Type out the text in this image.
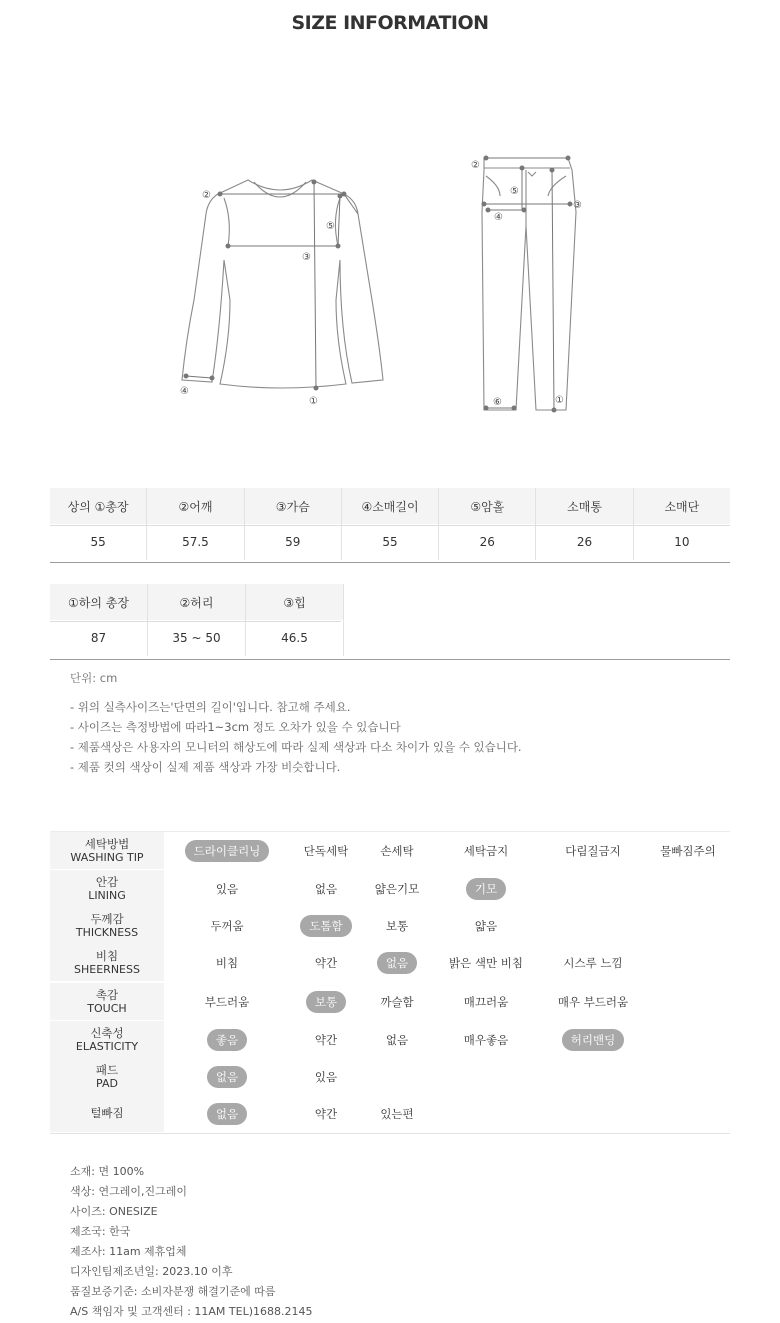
SIZE INFORMATION
②
⑤
③
④
①
②
⑤
③
④
⑥	①
상의 ①총장	②어깨	③가슴	④소매길이	⑤암홀	소매통	소매단
55	57.5	59	55	26	26	10
①하의 총장	②허리	③힙	
87	35 ~ 50	46.5	
단위: cm
- 위의 실측사이즈는'단면의 길이'입니다. 참고해 주세요.
- 사이즈는 측정방법에 따라1~3cm 정도 오차가 있을 수 있습니다
- 제품색상은 사용자의 모니터의 해상도에 따라 실제 색상과 다소 차이가 있을 수 있습니다.
- 제품 컷의 색상이 실제 제품 색상과 가장 비슷합니다.
세탁방법
WASHING TIP	드라이클리닝	단독세탁	손세탁	세탁금지	다림질금지	물빠짐주의
안감
LINING	있음	없음	얇은기모	기모
두께감
THICKNESS	두꺼움	도톰함	보통	얇음
비침
SHEERNESS	비침	약간	없음	밝은 색만 비침	시스루 느낌
촉감
TOUCH	부드러움	보통	까슬함	매끄러움	매우 부드러움
신축성
ELASTICITY	좋음	약간	없음	매우좋음	허리밴딩
패드
PAD	없음	있음
털빠짐	없음	약간	있는편
소재: 면 100%
색상: 연그레이,진그레이
사이즈: ONESIZE
제조국: 한국
제조사: 11am 제휴업체
디자인팀제조년일: 2023.10 이후
품질보증기준: 소비자분쟁 해결기준에 따름
A/S 책임자 및 고객센터 : 11AM TEL)1688.2145
